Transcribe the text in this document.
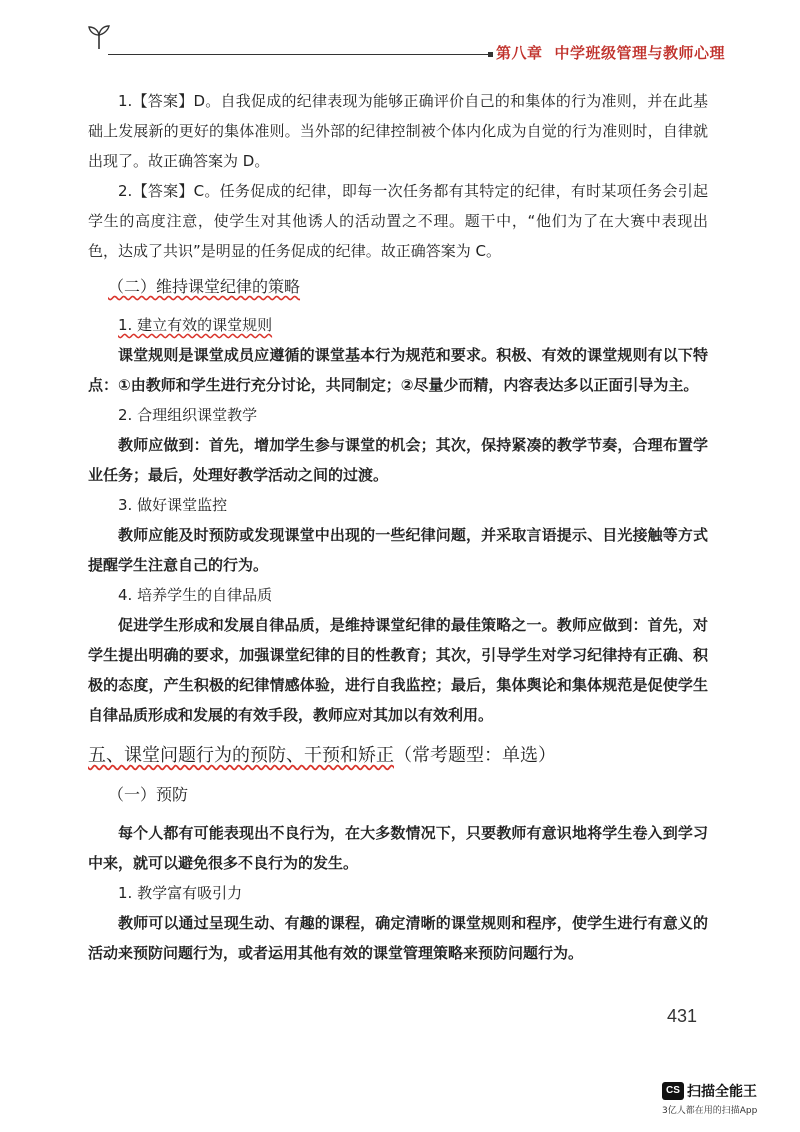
第八章 中学班级管理与教师心理

1.【答案】D。自我促成的纪律表现为能够正确评价自己的和集体的行为准则，并在此基础上发展新的更好的集体准则。当外部的纪律控制被个体内化成为自觉的行为准则时，自律就出现了。故正确答案为 D。

2.【答案】C。任务促成的纪律，即每一次任务都有其特定的纪律，有时某项任务会引起学生的高度注意，使学生对其他诱人的活动置之不理。题干中，“他们为了在大赛中表现出色，达成了共识”是明显的任务促成的纪律。故正确答案为 C。

（二）维持课堂纪律的策略

1. 建立有效的课堂规则

课堂规则是课堂成员应遵循的课堂基本行为规范和要求。积极、有效的课堂规则有以下特点：①由教师和学生进行充分讨论，共同制定；②尽量少而精，内容表达多以正面引导为主。

2. 合理组织课堂教学

教师应做到：首先，增加学生参与课堂的机会；其次，保持紧凑的教学节奏，合理布置学业任务；最后，处理好教学活动之间的过渡。

3. 做好课堂监控

教师应能及时预防或发现课堂中出现的一些纪律问题，并采取言语提示、目光接触等方式提醒学生注意自己的行为。

4. 培养学生的自律品质

促进学生形成和发展自律品质，是维持课堂纪律的最佳策略之一。教师应做到：首先，对学生提出明确的要求，加强课堂纪律的目的性教育；其次，引导学生对学习纪律持有正确、积极的态度，产生积极的纪律情感体验，进行自我监控；最后，集体舆论和集体规范是促使学生自律品质形成和发展的有效手段，教师应对其加以有效利用。

五、课堂问题行为的预防、干预和矫正（常考题型：单选）
（一）预防

每个人都有可能表现出不良行为，在大多数情况下，只要教师有意识地将学生卷入到学习中来，就可以避免很多不良行为的发生。

1. 教学富有吸引力

教师可以通过呈现生动、有趣的课程，确定清晰的课堂规则和程序，使学生进行有意义的活动来预防问题行为，或者运用其他有效的课堂管理策略来预防问题行为。

431
CS 扫描全能王
3亿人都在用的扫描App
